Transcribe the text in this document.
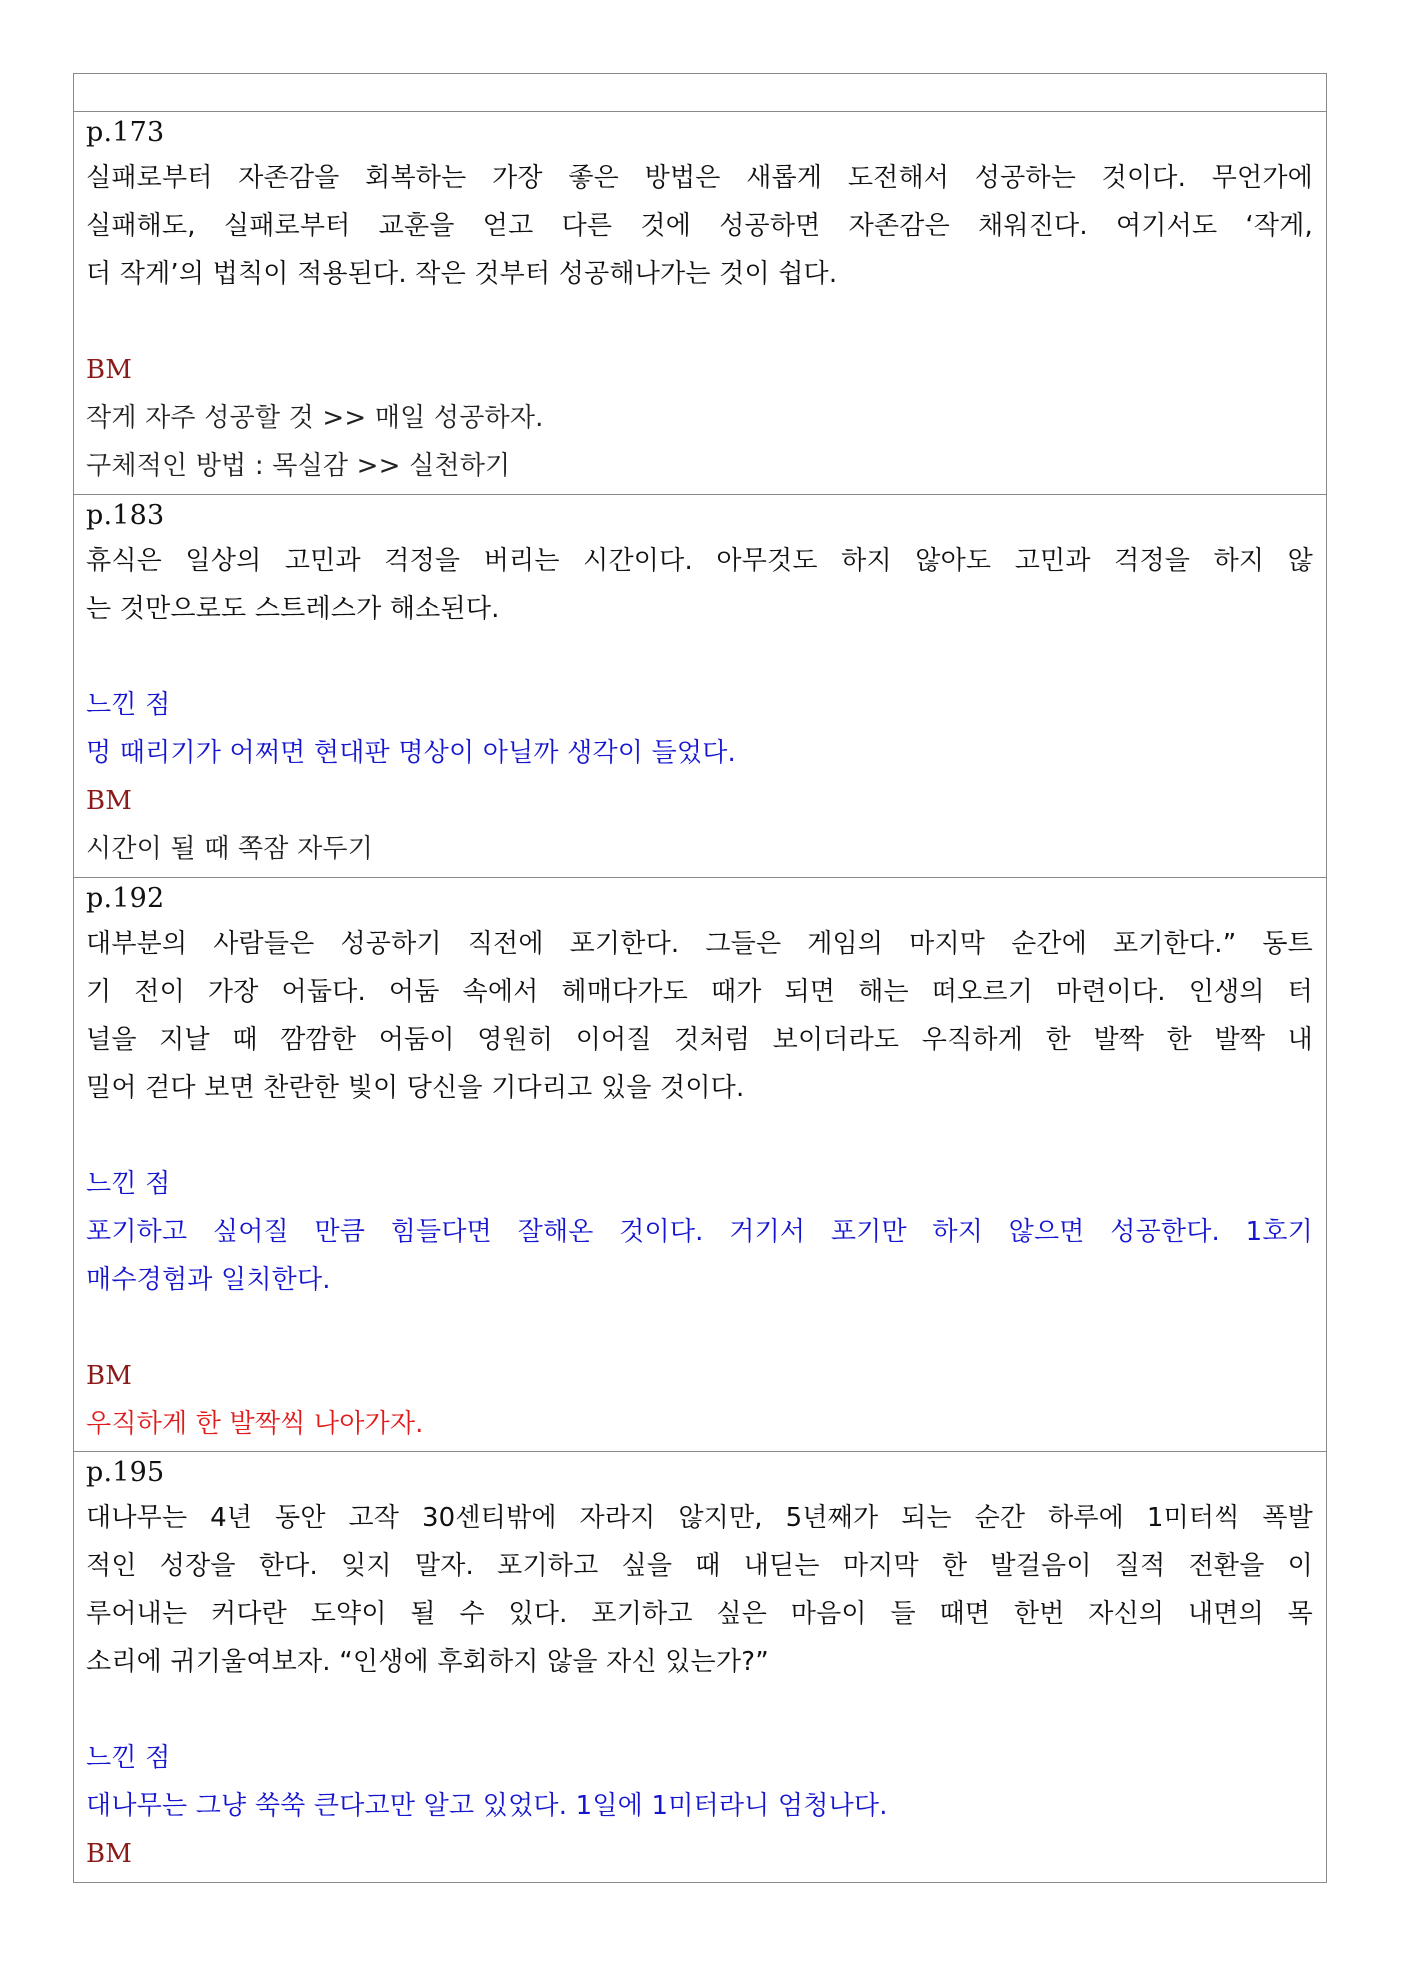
p.173
실패로부터 자존감을 회복하는 가장 좋은 방법은 새롭게 도전해서 성공하는 것이다. 무언가에
실패해도, 실패로부터 교훈을 얻고 다른 것에 성공하면 자존감은 채워진다. 여기서도 ‘작게,
더 작게’의 법칙이 적용된다. 작은 것부터 성공해나가는 것이 쉽다.
BM
작게 자주 성공할 것 >> 매일 성공하자.
구체적인 방법 : 목실감 >> 실천하기
p.183
휴식은 일상의 고민과 걱정을 버리는 시간이다. 아무것도 하지 않아도 고민과 걱정을 하지 않
는 것만으로도 스트레스가 해소된다.
느낀 점
멍 때리기가 어쩌면 현대판 명상이 아닐까 생각이 들었다.
BM
시간이 될 때 쪽잠 자두기
p.192
대부분의 사람들은 성공하기 직전에 포기한다. 그들은 게임의 마지막 순간에 포기한다.” 동트
기 전이 가장 어둡다. 어둠 속에서 헤매다가도 때가 되면 해는 떠오르기 마련이다. 인생의 터
널을 지날 때 깜깜한 어둠이 영원히 이어질 것처럼 보이더라도 우직하게 한 발짝 한 발짝 내
밀어 걷다 보면 찬란한 빛이 당신을 기다리고 있을 것이다.
느낀 점
포기하고 싶어질 만큼 힘들다면 잘해온 것이다. 거기서 포기만 하지 않으면 성공한다. 1호기
매수경험과 일치한다.
BM
우직하게 한 발짝씩 나아가자.
p.195
대나무는 4년 동안 고작 30센티밖에 자라지 않지만, 5년째가 되는 순간 하루에 1미터씩 폭발
적인 성장을 한다. 잊지 말자. 포기하고 싶을 때 내딛는 마지막 한 발걸음이 질적 전환을 이
루어내는 커다란 도약이 될 수 있다. 포기하고 싶은 마음이 들 때면 한번 자신의 내면의 목
소리에 귀기울여보자. “인생에 후회하지 않을 자신 있는가?”
느낀 점
대나무는 그냥 쑥쑥 큰다고만 알고 있었다. 1일에 1미터라니 엄청나다.
BM
